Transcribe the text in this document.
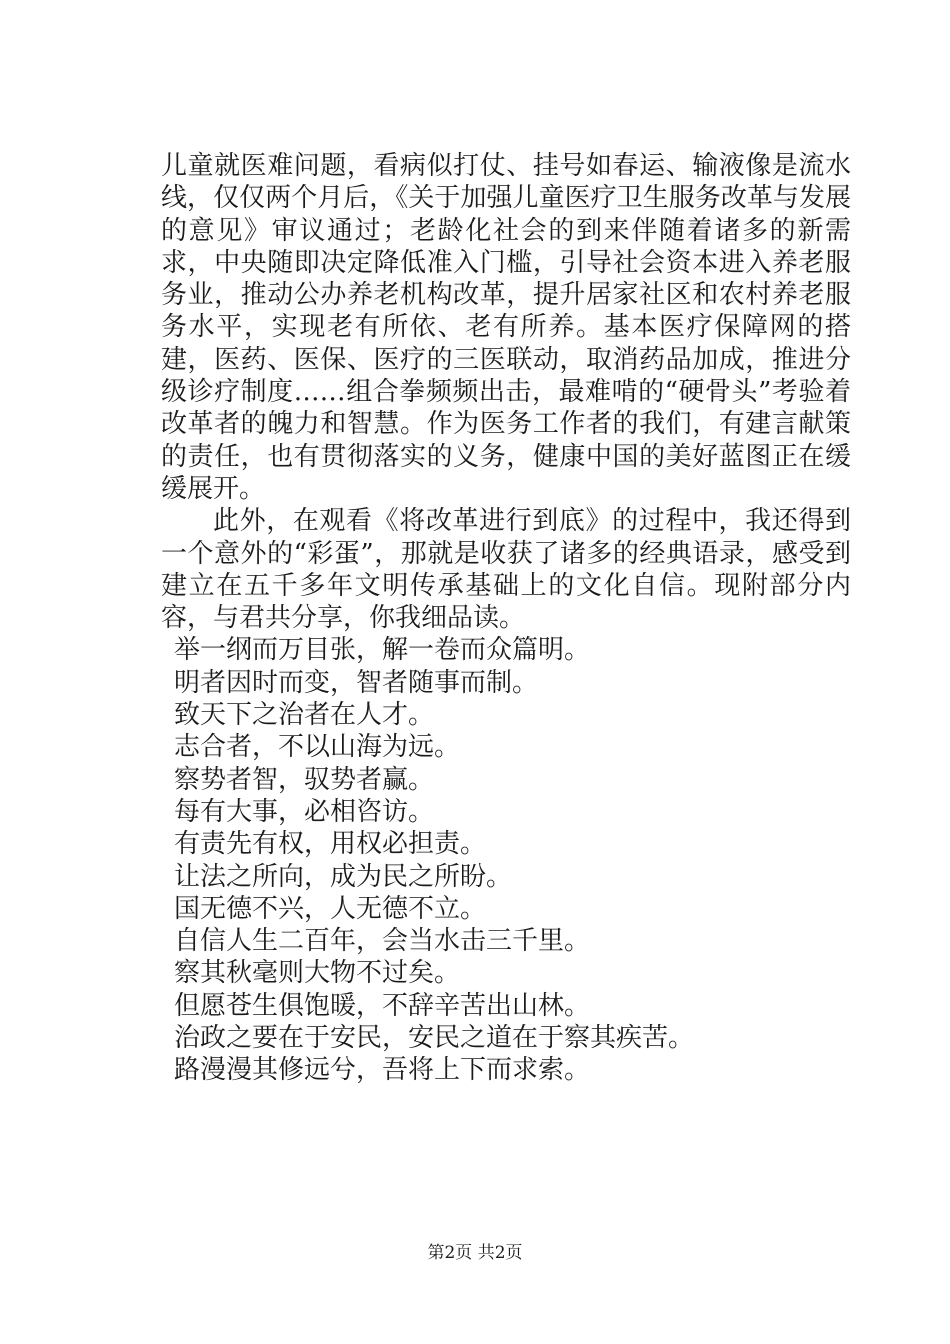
儿童就医难问题，看病似打仗、挂号如春运、输液像是流水线，仅仅两个月后，《关于加强儿童医疗卫生服务改革与发展的意见》审议通过；老龄化社会的到来伴随着诸多的新需求，中央随即决定降低准入门槛，引导社会资本进入养老服务业，推动公办养老机构改革，提升居家社区和农村养老服务水平，实现老有所依、老有所养。基本医疗保障网的搭建，医药、医保、医疗的三医联动，取消药品加成，推进分级诊疗制度……组合拳频频出击，最难啃的“硬骨头”考验着改革者的魄力和智慧。作为医务工作者的我们，有建言献策的责任，也有贯彻落实的义务，健康中国的美好蓝图正在缓缓展开。

此外，在观看《将改革进行到底》的过程中，我还得到一个意外的“彩蛋”，那就是收获了诸多的经典语录，感受到建立在五千多年文明传承基础上的文化自信。现附部分内容，与君共分享，你我细品读。

举一纲而万目张，解一卷而众篇明。

明者因时而变，智者随事而制。

致天下之治者在人才。

志合者，不以山海为远。

察势者智，驭势者赢。

每有大事，必相咨访。

有责先有权，用权必担责。

让法之所向，成为民之所盼。

国无德不兴，人无德不立。

自信人生二百年，会当水击三千里。

察其秋毫则大物不过矣。

但愿苍生俱饱暖，不辞辛苦出山林。

治政之要在于安民，安民之道在于察其疾苦。

路漫漫其修远兮，吾将上下而求索。

第2页 共2页
